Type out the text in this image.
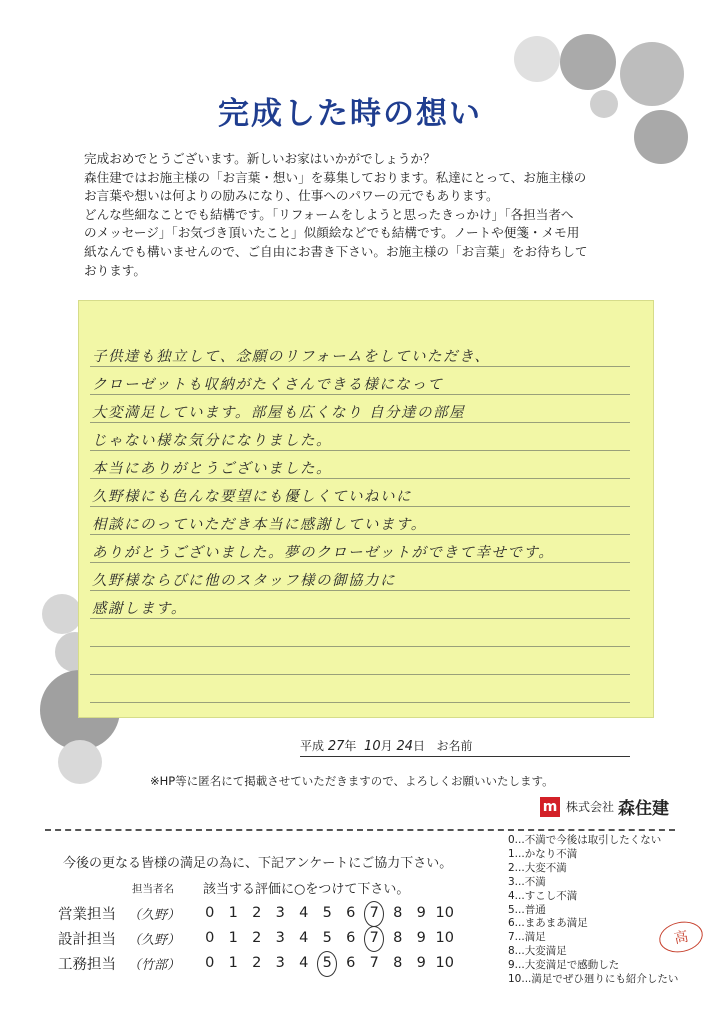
完成した時の想い

完成おめでとうございます。新しいお家はいかがでしょうか？

森住建ではお施主様の「お言葉・想い」を募集しております。私達にとって、お施主様の

お言葉や想いは何よりの励みになり、仕事へのパワーの元でもあります。

どんな些細なことでも結構です。「リフォームをしようと思ったきっかけ」「各担当者へ

のメッセージ」「お気づき頂いたこと」似顔絵などでも結構です。ノートや便箋・メモ用

紙なんでも構いませんので、ご自由にお書き下さい。お施主様の「お言葉」をお待ちして

おります。

子供達も独立して、念願のリフォームをしていただき、
クローゼットも収納がたくさんできる様になって
大変満足しています。部屋も広くなり 自分達の部屋
じゃない様な気分になりました。
本当にありがとうございました。
久野様にも色んな要望にも優しくていねいに
相談にのっていただき本当に感謝しています。
ありがとうございました。夢のクローゼットができて幸せです。
久野様ならびに他のスタッフ様の御協力に
感謝します。
平成 27年 10月 24日 お名前
※HP等に匿名にて掲載させていただきますので、よろしくお願いいたします。
m 株式会社 森住建
今後の更なる皆様の満足の為に、下記アンケートにご協力下さい。
担当者名 該当する評価に○をつけて下さい。
営業担当 （久野）	0 1 2 3 4 5 6 7 8 9 10
設計担当 （久野）	0 1 2 3 4 5 6 7 8 9 10
工務担当 （竹部）	0 1 2 3 4 5 6 7 8 9 10
0...不満で今後は取引したくない
1...かなり不満
2...大変不満
3...不満
4...すこし不満
5...普通
6...まあまあ満足
7...満足
8...大変満足
9...大変満足で感動した
10...満足でぜひ廻りにも紹介したい
高
